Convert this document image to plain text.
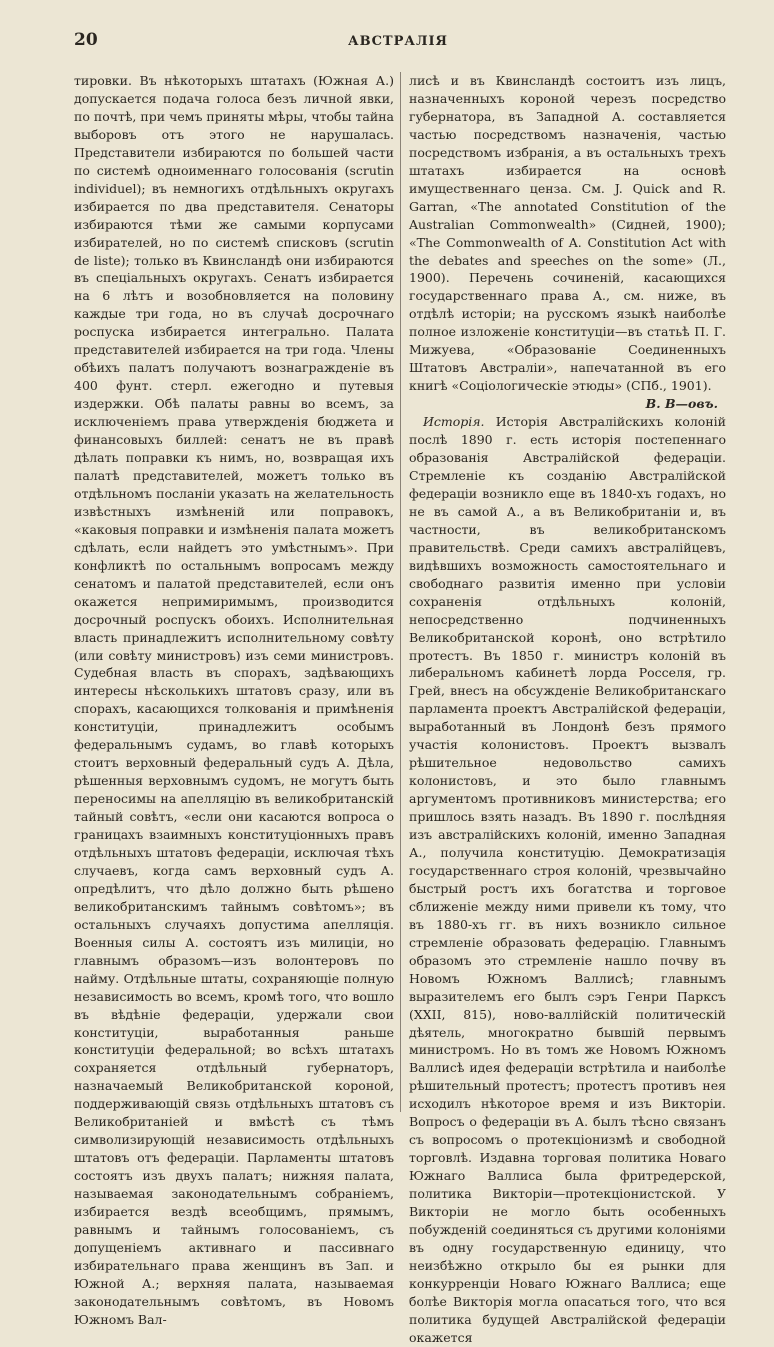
20	АВСТРАЛІЯ

тировки. Въ нѣкоторыхъ штатахъ (Южная А.) допускается подача голоса безъ личной явки, по почтѣ, при чемъ приняты мѣры, чтобы тайна выборовъ отъ этого не нарушалась. Представители избираются по большей части по системѣ одноименнаго голосованія (scrutin individuel); въ немногихъ отдѣльныхъ округахъ избирается по два представителя. Сенаторы избираются тѣми же самыми корпусами избирателей, но по системѣ списковъ (scrutin de liste); только въ Квинсландѣ они избираются въ спеціальныхъ округахъ. Сенатъ избирается на 6 лѣтъ и возобновляется на половину каждые три года, но въ случаѣ досрочнаго роспуска избирается интегрально. Палата представителей избирается на три года. Члены обѣихъ палатъ получаютъ вознагражденіе въ 400 фунт. стерл. ежегодно и путевыя издержки. Обѣ палаты равны во всемъ, за исключеніемъ права утвержденія бюджета и финансовыхъ биллей: сенатъ не въ правѣ дѣлать поправки къ нимъ, но, возвращая ихъ палатѣ представителей, можетъ только въ отдѣльномъ посланіи указать на желательность извѣстныхъ измѣненій или поправокъ, «каковыя поправки и измѣненія палата можетъ сдѣлать, если найдетъ это умѣстнымъ». При конфликтѣ по остальнымъ вопросамъ между сенатомъ и палатой представителей, если онъ окажется непримиримымъ, производится досрочный роспускъ обоихъ. Исполнительная власть принадлежитъ исполнительному совѣту (или совѣту министровъ) изъ семи министровъ. Судебная власть въ спорахъ, задѣвающихъ интересы нѣсколькихъ штатовъ сразу, или въ спорахъ, касающихся толкованія и примѣненія конституціи, принадлежитъ особымъ федеральнымъ судамъ, во главѣ которыхъ стоитъ верховный федеральный судъ А. Дѣла, рѣшенныя верховнымъ судомъ, не могутъ быть переносимы на апелляцію въ великобританскій тайный совѣтъ, «если они касаются вопроса о границахъ взаимныхъ конституціонныхъ правъ отдѣльныхъ штатовъ федераціи, исключая тѣхъ случаевъ, когда самъ верховный судъ А. опредѣлитъ, что дѣло должно быть рѣшено великобританскимъ тайнымъ совѣтомъ»; въ остальныхъ случаяхъ допустима апелляція. Военныя силы А. состоятъ изъ милиціи, но главнымъ образомъ—изъ волонтеровъ по найму. Отдѣльные штаты, сохраняющіе полную независимость во всемъ, кромѣ того, что вошло въ вѣдѣніе федераціи, удержали свои конституціи, выработанныя раньше конституціи федеральной; во всѣхъ штатахъ сохраняется отдѣльный губернаторъ, назначаемый Великобританской короной, поддерживающій связь отдѣльныхъ штатовъ съ Великобританіей и вмѣстѣ съ тѣмъ символизирующій независимость отдѣльныхъ штатовъ отъ федераціи. Парламенты штатовъ состоятъ изъ двухъ палатъ; нижняя палата, называемая законодательнымъ собраніемъ, избирается вездѣ всеобщимъ, прямымъ, равнымъ и тайнымъ голосованіемъ, съ допущеніемъ активнаго и пассивнаго избирательнаго права женщинъ въ Зап. и Южной А.; верхняя палата, называемая законодательнымъ совѣтомъ, въ Новомъ Южномъ Вал-

лисѣ и въ Квинсландѣ состоитъ изъ лицъ, назначенныхъ короной черезъ посредство губернатора, въ Западной А. составляется частью посредствомъ назначенія, частью посредствомъ избранія, а въ остальныхъ трехъ штатахъ избирается на основѣ имущественнаго ценза. См. J. Quick and R. Garran, «The annotated Constitution of the Australian Commonwealth» (Сидней, 1900); «The Commonwealth of A. Constitution Act with the debates and speeches on the some» (Л., 1900). Перечень сочиненій, касающихся государственнаго права А., см. ниже, въ отдѣлѣ исторіи; на русскомъ языкѣ наиболѣе полное изложеніе конституціи—въ статьѣ П. Г. Мижуева, «Образованіе Соединенныхъ Штатовъ Австраліи», напечатанной въ его книгѣ «Соціологическіе этюды» (СПб., 1901).

В. В—овъ.

Исторія. Исторія Австралійскихъ колоній послѣ 1890 г. есть исторія постепеннаго образованія Австралійской федераціи. Стремленіе къ созданію Австралійской федераціи возникло еще въ 1840-хъ годахъ, но не въ самой А., а въ Великобританіи и, въ частности, въ великобританскомъ правительствѣ. Среди самихъ австралійцевъ, видѣвшихъ возможность самостоятельнаго и свободнаго развитія именно при условіи сохраненія отдѣльныхъ колоній, непосредственно подчиненныхъ Великобританской коронѣ, оно встрѣтило протестъ. Въ 1850 г. министръ колоній въ либеральномъ кабинетѣ лорда Росселя, гр. Грей, внесъ на обсужденіе Великобританскаго парламента проектъ Австралійской федераціи, выработанный въ Лондонѣ безъ прямого участія колонистовъ. Проектъ вызвалъ рѣшительное недовольство самихъ колонистовъ, и это было главнымъ аргументомъ противниковъ министерства; его пришлось взять назадъ. Въ 1890 г. послѣдняя изъ австралійскихъ колоній, именно Западная А., получила конституцію. Демократизація государственнаго строя колоній, чрезвычайно быстрый ростъ ихъ богатства и торговое сближеніе между ними привели къ тому, что въ 1880-хъ гг. въ нихъ возникло сильное стремленіе образовать федерацію. Главнымъ образомъ это стремленіе нашло почву въ Новомъ Южномъ Валлисѣ; главнымъ выразителемъ его былъ сэръ Генри Парксъ (XXII, 815), ново-валлійскій политическій дѣятель, многократно бывшій первымъ министромъ. Но въ томъ же Новомъ Южномъ Валлисѣ идея федераціи встрѣтила и наиболѣе рѣшительный протестъ; протестъ противъ нея исходилъ нѣкоторое время и изъ Викторіи. Вопросъ о федераціи въ А. былъ тѣсно связанъ съ вопросомъ о протекціонизмѣ и свободной торговлѣ. Издавна торговая политика Новаго Южнаго Валлиса была фритредерской, политика Викторіи—протекціонистской. У Викторіи не могло быть особенныхъ побужденій соединяться съ другими колоніями въ одну государственную единицу, что неизбѣжно открыло бы ея рынки для конкурренціи Новаго Южнаго Валлиса; еще болѣе Викторія могла опасаться того, что вся политика будущей Австралійской федераціи окажется
